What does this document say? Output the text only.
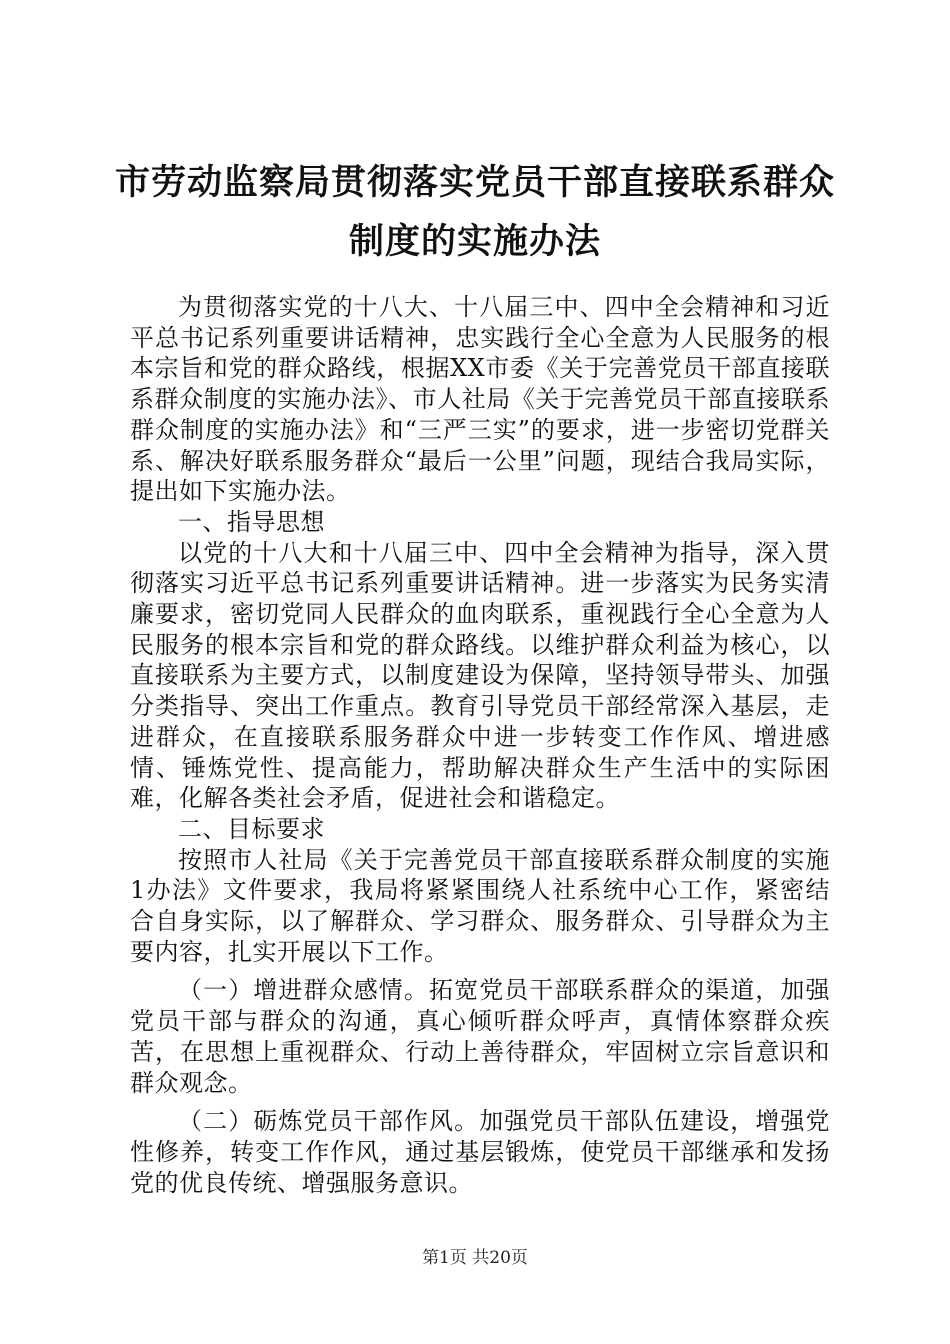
市劳动监察局贯彻落实党员干部直接联系群众
制度的实施办法

为贯彻落实党的十八大、十八届三中、四中全会精神和习近平总书记系列重要讲话精神，忠实践行全心全意为人民服务的根本宗旨和党的群众路线，根据XX市委《关于完善党员干部直接联系群众制度的实施办法》、市人社局《关于完善党员干部直接联系群众制度的实施办法》和“三严三实”的要求，进一步密切党群关系、解决好联系服务群众“最后一公里”问题，现结合我局实际，提出如下实施办法。

一、指导思想

以党的十八大和十八届三中、四中全会精神为指导，深入贯彻落实习近平总书记系列重要讲话精神。进一步落实为民务实清廉要求，密切党同人民群众的血肉联系，重视践行全心全意为人民服务的根本宗旨和党的群众路线。以维护群众利益为核心，以直接联系为主要方式，以制度建设为保障，坚持领导带头、加强分类指导、突出工作重点。教育引导党员干部经常深入基层，走进群众，在直接联系服务群众中进一步转变工作作风、增进感情、锤炼党性、提高能力，帮助解决群众生产生活中的实际困难，化解各类社会矛盾，促进社会和谐稳定。

二、目标要求

按照市人社局《关于完善党员干部直接联系群众制度的实施1办法》文件要求，我局将紧紧围绕人社系统中心工作，紧密结合自身实际，以了解群众、学习群众、服务群众、引导群众为主要内容，扎实开展以下工作。

（一）增进群众感情。拓宽党员干部联系群众的渠道，加强党员干部与群众的沟通，真心倾听群众呼声，真情体察群众疾苦，在思想上重视群众、行动上善待群众，牢固树立宗旨意识和群众观念。

（二）砺炼党员干部作风。加强党员干部队伍建设，增强党性修养，转变工作作风，通过基层锻炼，使党员干部继承和发扬党的优良传统、增强服务意识。

第1页 共20页
